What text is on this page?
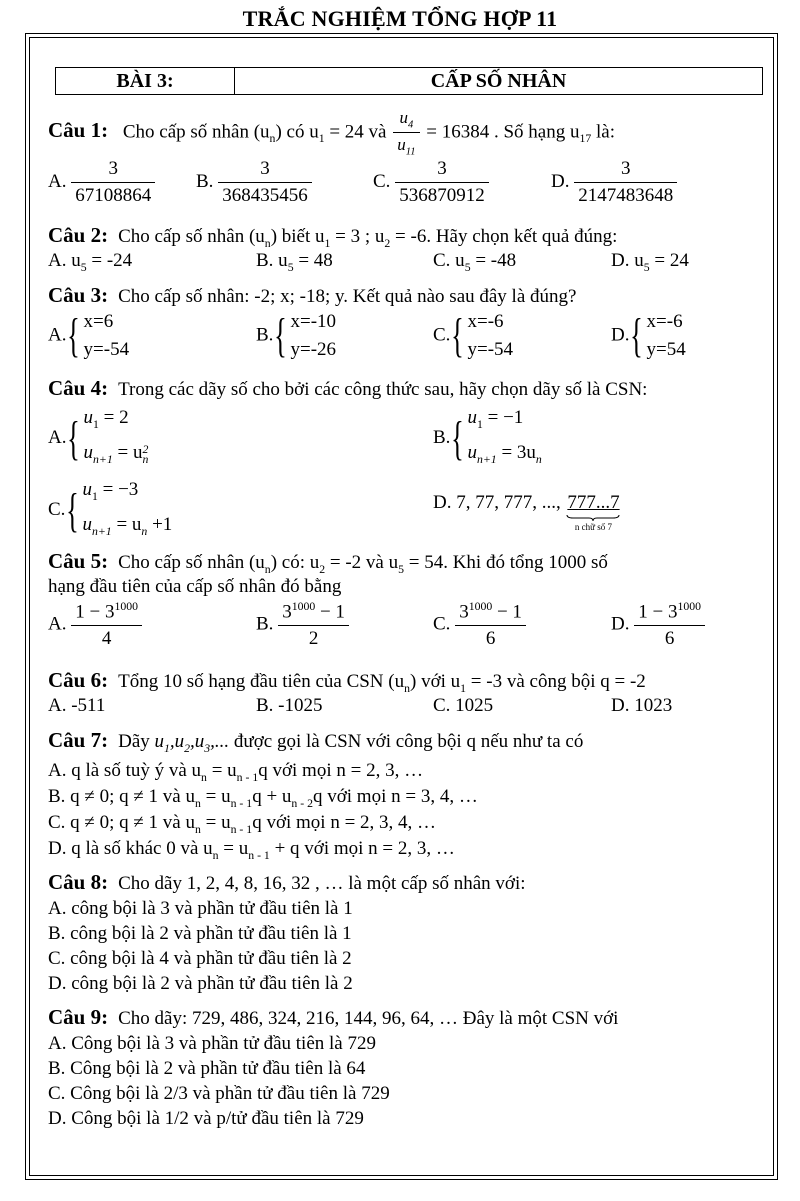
TRẮC NGHIỆM TỔNG HỢP 11
BÀI 3:	CẤP SỐ NHÂN
Câu 1: Cho cấp số nhân $(u_n)$ có $u_1 = 24$ và $\frac{u_4}{u_{11}} = 16384$ . Số hạng $u_{17}$ là:
A. $\frac{3}{67108864} B$. $\frac{3}{368435456}$	C. $\frac{3}{536870912}$	D. $\frac{3}{2147483648}$
Câu 2: Cho cấp số nhân $(u_n)$ biết $u_1 = 3$ ; $u_2 = -6$. Hãy chọn kết quả đúng:
A. $u_5 = -24$	B. $u_5 = 48$	C. $u_5 = -48$	D. $u_5 = 24$
Câu 3: Cho cấp số nhân: -2; x; -18; y. Kết quả nào sau đây là đúng?
A. { x=6
y=-54
B. { x=-10
y=-26
C. { x=-6
y=-54
D. { x=-6
y=54
Câu 4: Trong các dãy số cho bởi các công thức sau, hãy chọn dãy số là CSN:
A. { $u_1 = 2$
$u_{n+1} = u$ 2
$_n$
B. { $u_1 = -1$
$u_{n+1} = 3u_n$
C. { $u_1 = -3$
$u_{n+1} = u_n +1$
D. 7, 77, 777, ..., 777...7
n chữ số 7
Câu 5: Cho cấp số nhân $(u_n)$ có: $u_2 = -2$ và $u_5 = 54$. Khi đó tổng 1000 số
hạng đầu tiên của cấp số nhân đó bằng
A. $\frac{1 - 3^{1000}}{4}$	B. $\frac{3^{1000} - 1}{2}$	C. $\frac{3^{1000} - 1}{6}$	D. $\frac{1 - 3^{1000}}{6}$
Câu 6: Tổng 10 số hạng đầu tiên của CSN $(u_n)$ với $u_1 = -3$ và công bội q = -2
A. -511	B. -1025	C. 1025	D. 1023
Câu 7: Dãy $u_1,u_2,u_3$,... được gọi là CSN với công bội q nếu như ta có
A. q là số tuỳ ý và $u_n = u_{n - 1}q$ với mọi n = 2, 3, …
B. q ≠ 0; q ≠ 1 và $u_n = u_{n - 1}q + u_{n - 2}q$ với mọi n = 3, 4, …
C. q ≠ 0; q ≠ 1 và $u_n = u_{n - 1}q$ với mọi n = 2, 3, 4, …
D. q là số khác 0 và $u_n = u_{n - 1} + q$ với mọi n = 2, 3, …
Câu 8: Cho dãy 1, 2, 4, 8, 16, 32 , … là một cấp số nhân với:
A. công bội là 3 và phần tử đầu tiên là 1
B. công bội là 2 và phần tử đầu tiên là 1
C. công bội là 4 và phần tử đầu tiên là 2
D. công bội là 2 và phần tử đầu tiên là 2
Câu 9: Cho dãy: 729, 486, 324, 216, 144, 96, 64, … Đây là một CSN với
A. Công bội là 3 và phần tử đầu tiên là 729
B. Công bội là 2 và phần tử đầu tiên là 64
C. Công bội là 2/3 và phần tử đầu tiên là 729
D. Công bội là 1/2 và p/tử đầu tiên là 729
